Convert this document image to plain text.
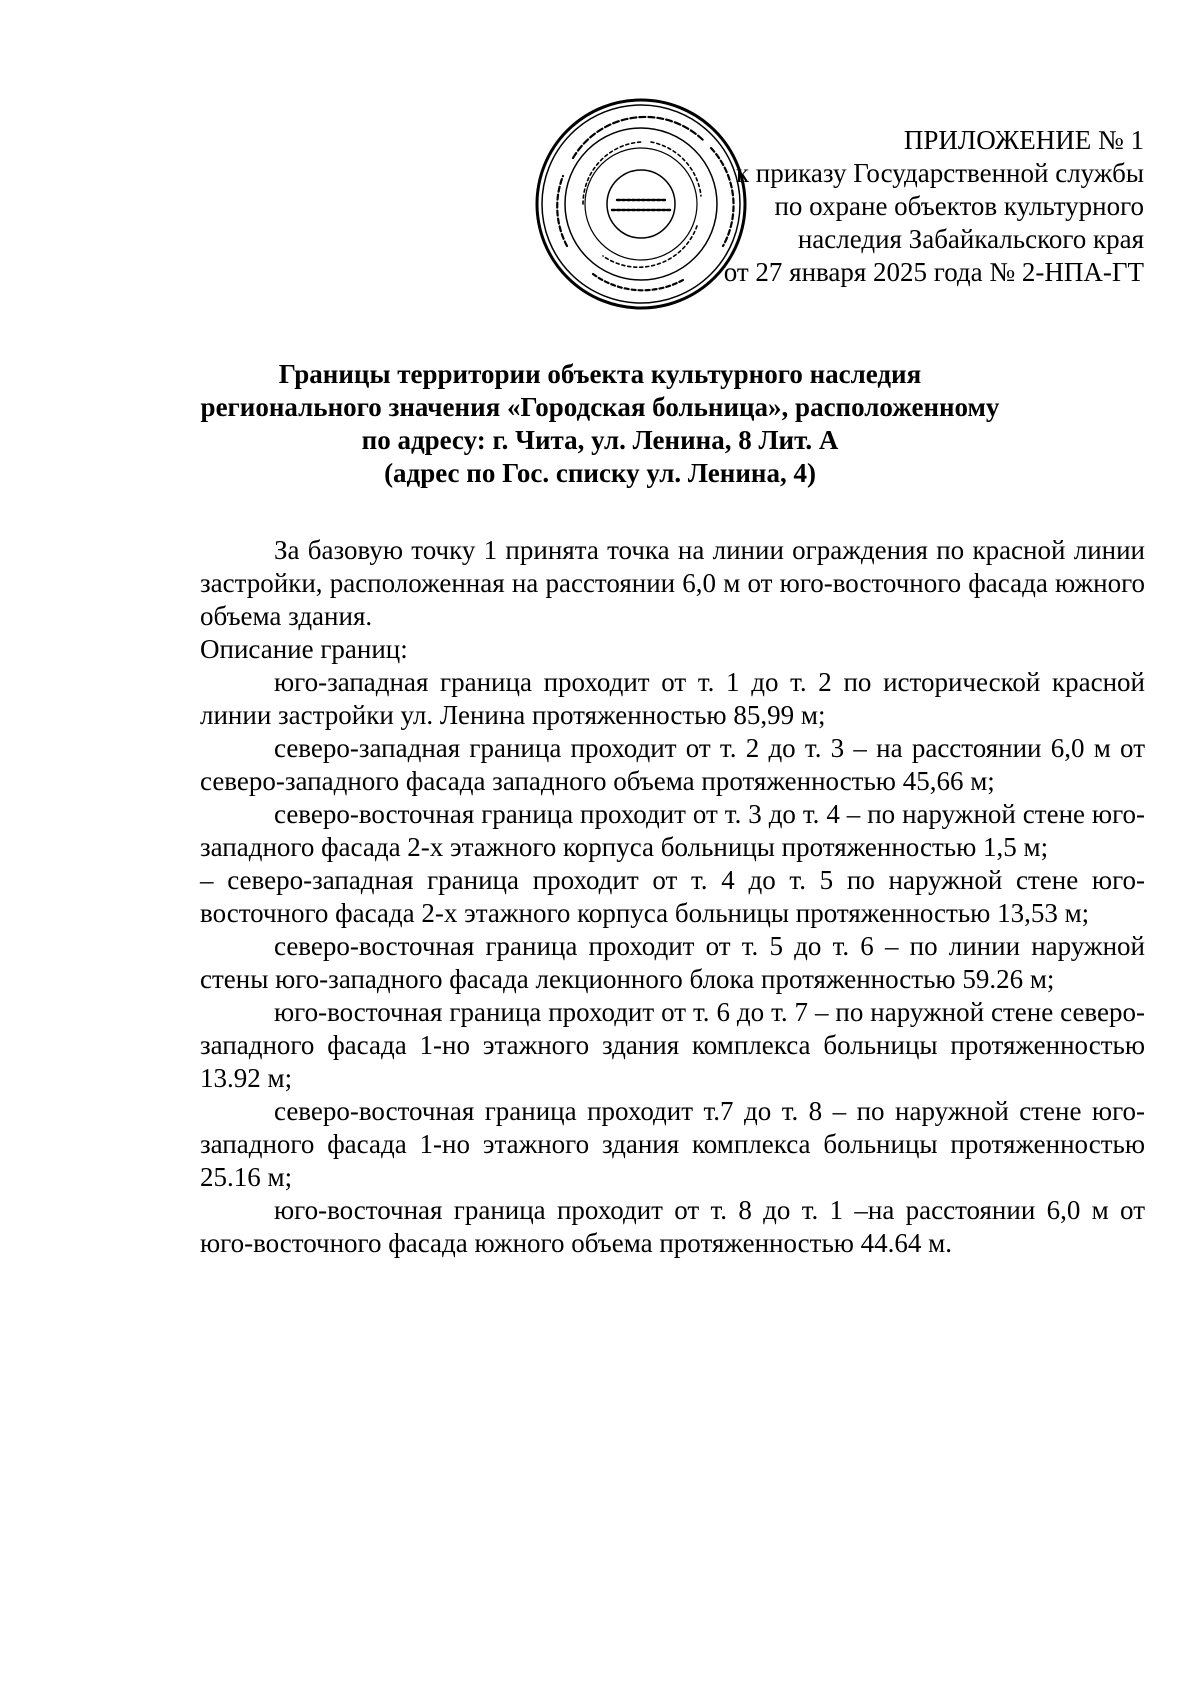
ПРИЛОЖЕНИЕ № 1
к приказу Государственной службы
по охране объектов культурного
наследия Забайкальского края
от 27 января 2025 года № 2-НПА-ГТ
Границы территории объекта культурного наследия
регионального значения «Городская больница», расположенному
по адресу: г. Чита, ул. Ленина, 8 Лит. А
(адрес по Гос. списку ул. Ленина, 4)

За базовую точку 1 принята точка на линии ограждения по красной линии застройки, расположенная на расстоянии 6,0 м от юго-восточного фасада южного объема здания.

Описание границ:

юго-западная граница проходит от т. 1 до т. 2 по исторической красной линии застройки ул. Ленина протяженностью 85,99 м;

северо-западная граница проходит от т. 2 до т. 3 – на расстоянии 6,0 м от северо-западного фасада западного объема протяженностью 45,66 м;

северо-восточная граница проходит от т. 3 до т. 4 – по наружной стене юго-западного фасада 2-х этажного корпуса больницы протяженностью 1,5 м;

– северо-западная граница проходит от т. 4 до т. 5 по наружной стене юго-восточного фасада 2-х этажного корпуса больницы протяженностью 13,53 м;

северо-восточная граница проходит от т. 5 до т. 6 – по линии наружной стены юго-западного фасада лекционного блока протяженностью 59.26 м;

юго-восточная граница проходит от т. 6 до т. 7 – по наружной стене северо-западного фасада 1-но этажного здания комплекса больницы протяженностью 13.92 м;

северо-восточная граница проходит т.7 до т. 8 – по наружной стене юго-западного фасада 1-но этажного здания комплекса больницы протяженностью 25.16 м;

юго-восточная граница проходит от т. 8 до т. 1 –на расстоянии 6,0 м от юго-восточного фасада южного объема протяженностью 44.64 м.
